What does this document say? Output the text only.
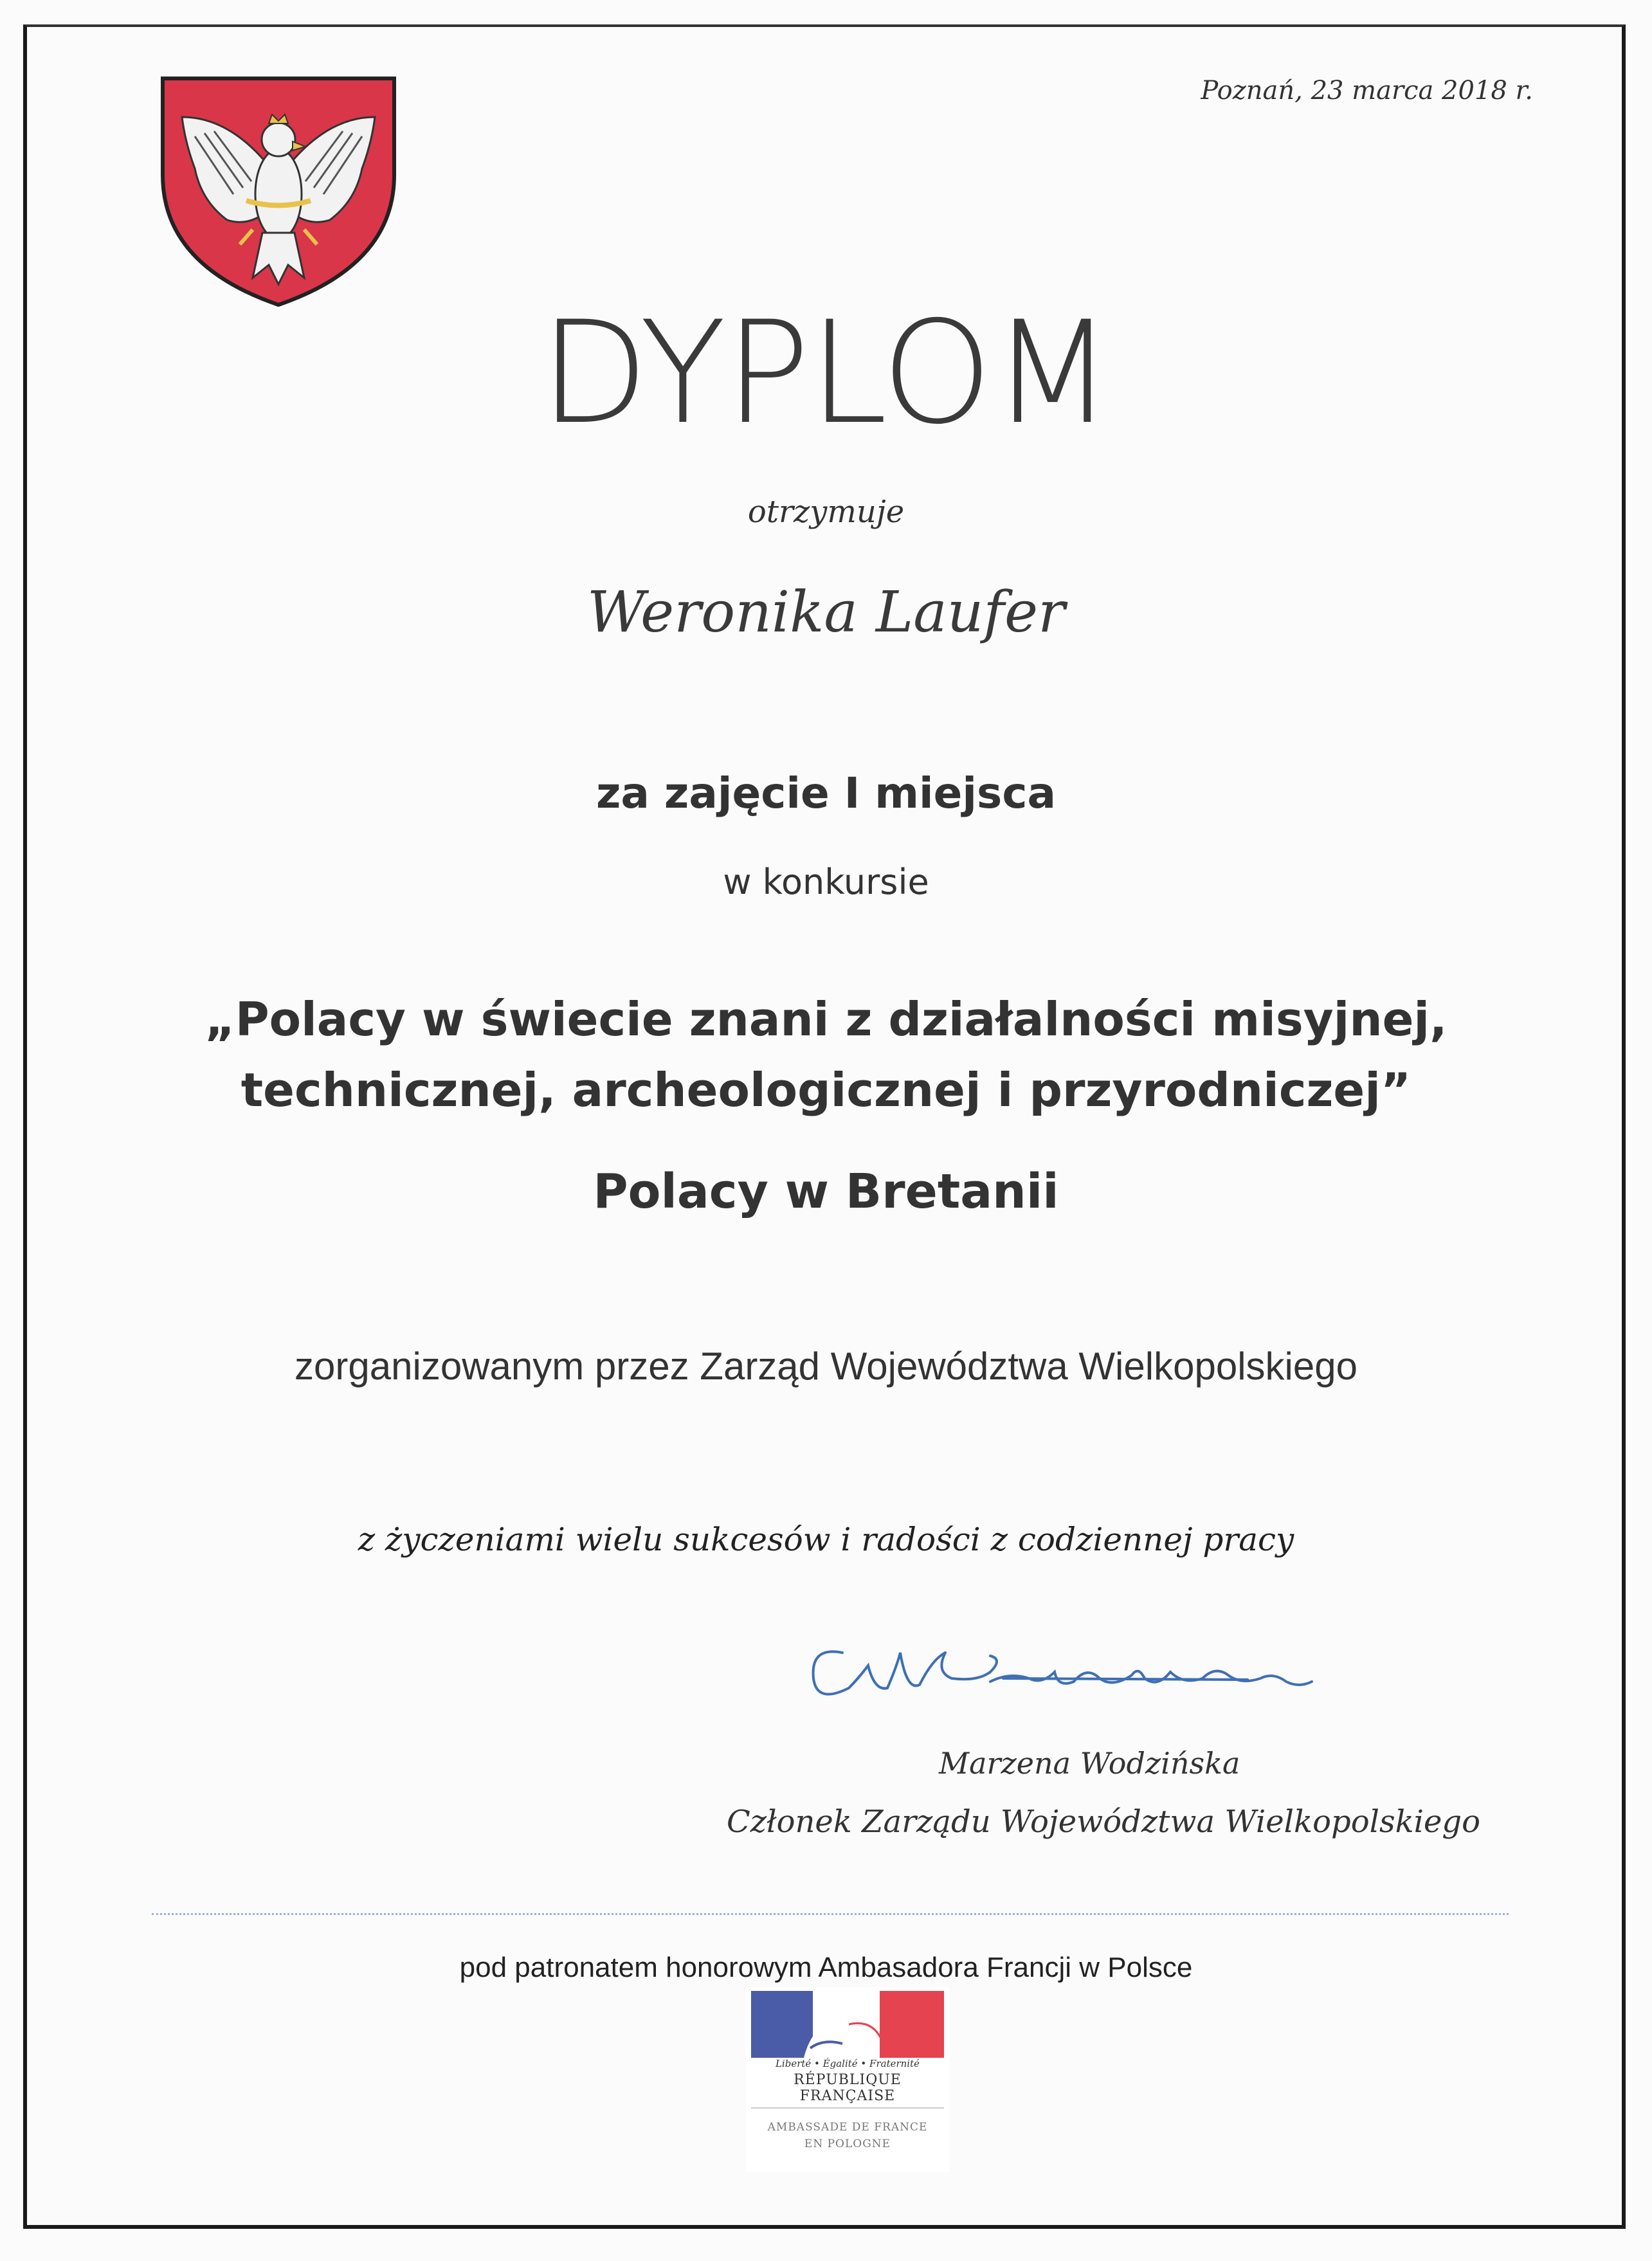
Poznań, 23 marca 2018 r.
DYPLOM
otrzymuje
Weronika Laufer
za zajęcie I miejsca
w konkursie
„Polacy w świecie znani z działalności misyjnej,
technicznej, archeologicznej i przyrodniczej”
Polacy w Bretanii
zorganizowanym przez Zarząd Województwa Wielkopolskiego
z życzeniami wielu sukcesów i radości z codziennej pracy
Marzena Wodzińska
Członek Zarządu Województwa Wielkopolskiego
pod patronatem honorowym Ambasadora Francji w Polsce
Liberté • Égalité • Fraternité
RÉPUBLIQUE FRANÇAISE
AMBASSADE DE FRANCE
EN POLOGNE
